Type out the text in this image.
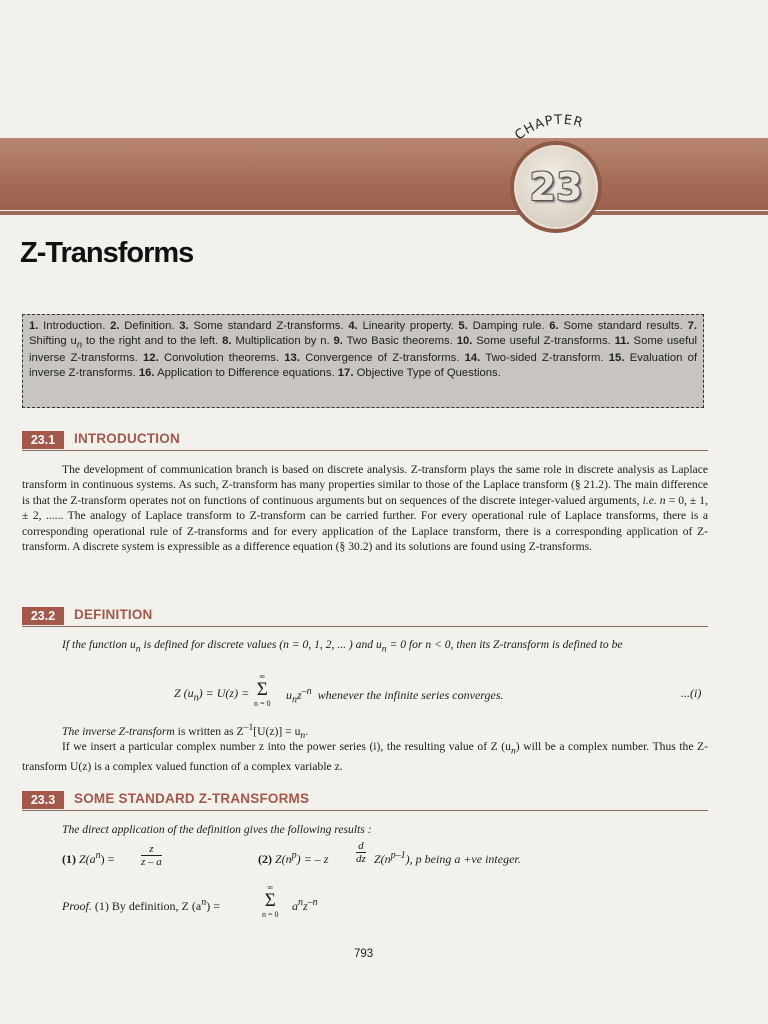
CHAPTER
23
Z-Transforms
1. Introduction. 2. Definition. 3. Some standard Z-transforms. 4. Linearity property. 5. Damping rule. 6. Some standard results. 7. Shifting $u_n$ to the right and to the left. 8. Multiplication by n. 9. Two Basic theorems. 10. Some useful Z-transforms. 11. Some useful inverse Z-transforms. 12. Convolution theorems. 13. Convergence of Z-transforms. 14. Two-sided Z-transform. 15. Evaluation of inverse Z-transforms. 16. Application to Difference equations. 17. Objective Type of Questions.
23.1	INTRODUCTION

The development of communication branch is based on discrete analysis. Z-transform plays the same role in discrete analysis as Laplace transform in continuous systems. As such, Z-transform has many properties similar to those of the Laplace transform (§ 21.2). The main difference is that the Z-transform operates not on functions of continuous arguments but on sequences of the discrete integer-valued arguments, i.e. n = 0, ± 1, ± 2, ...... The analogy of Laplace transform to Z-transform can be carried further. For every operational rule of Laplace transforms, there is a corresponding operational rule of Z-transforms and for every application of the Laplace transform, there is a corresponding application of Z-transform. A discrete system is expressible as a difference equation (§ 30.2) and its solutions are found using Z-transforms.

23.2	DEFINITION

If the function $u_n$ is defined for discrete values (n = 0, 1, 2, ... ) and $u_n = 0$ for n < 0, then its Z-transform is defined to be

Z $(u_n) = U(z)$ =
∞
Σ
n = 0
$u_nz^{-n}$ whenever the infinite series converges.	...(i)

The inverse Z-transform is written as $Z^{-1}[U(z)] = u_n$.

If we insert a particular complex number z into the power series (i), the resulting value of Z $(u_n)$ will be a complex number. Thus the Z-transform U(z) is a complex valued function of a complex variable z.

23.3	SOME STANDARD Z-TRANSFORMS

The direct application of the definition gives the following results :

(1) $Z(a^n)$ =
z
z – a	(2) $Z(n^p)$ = – z
d
dz $Z(n^{p-1})$, p being a +ve integer.
Proof. (1) By definition, Z $(a^n)$ =
∞
Σ
n = 0
$a^nz^{-n}$
793
